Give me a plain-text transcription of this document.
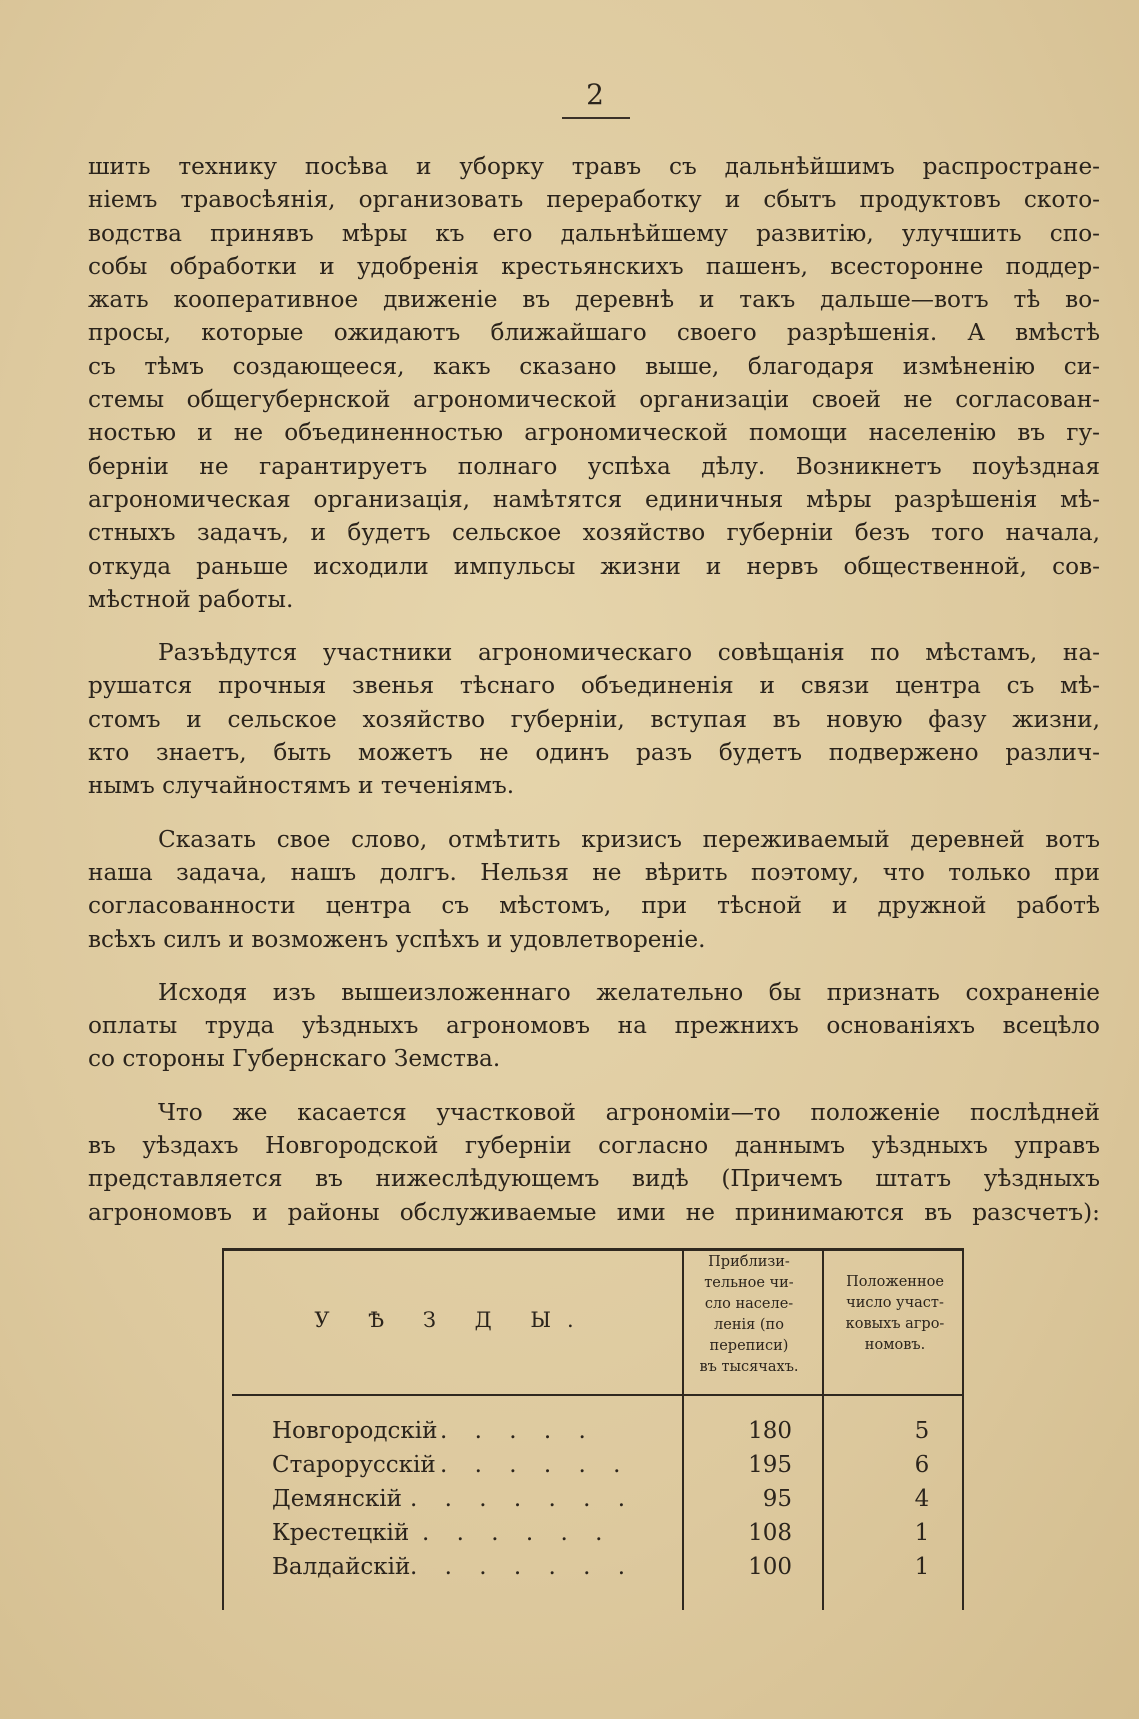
2
шить технику посѣва и уборку травъ съ дальнѣйшимъ распростране-
ніемъ травосѣянія, организовать переработку и сбытъ продуктовъ ското-
водства принявъ мѣры къ его дальнѣйшему развитію, улучшить спо-
собы обработки и удобренія крестьянскихъ пашенъ, всесторонне поддер-
жать кооперативное движеніе въ деревнѣ и такъ дальше—вотъ тѣ во-
просы, которые ожидаютъ ближайшаго своего разрѣшенія. А вмѣстѣ
съ тѣмъ создающееся, какъ сказано выше, благодаря измѣненію си-
стемы общегубернской агрономической организаціи своей не согласован-
ностью и не объединенностью агрономической помощи населенію въ гу-
берніи не гарантируетъ полнаго успѣха дѣлу. Возникнетъ поуѣздная
агрономическая организація, намѣтятся единичныя мѣры разрѣшенія мѣ-
стныхъ задачъ, и будетъ сельское хозяйство губерніи безъ того начала,
откуда раньше исходили импульсы жизни и нервъ общественной, сов-
мѣстной работы.
Разъѣдутся участники агрономическаго совѣщанія по мѣстамъ, на-
рушатся прочныя звенья тѣснаго объединенія и связи центра съ мѣ-
стомъ и сельское хозяйство губерніи, вступая въ новую фазу жизни,
кто знаетъ, быть можетъ не одинъ разъ будетъ подвержено различ-
нымъ случайностямъ и теченіямъ.
Сказать свое слово, отмѣтить кризисъ переживаемый деревней вотъ
наша задача, нашъ долгъ. Нельзя не вѣрить поэтому, что только при
согласованности центра съ мѣстомъ, при тѣсной и дружной работѣ
всѣхъ силъ и возможенъ успѣхъ и удовлетвореніе.
Исходя изъ вышеизложеннаго желательно бы признать сохраненіе
оплаты труда уѣздныхъ агрономовъ на прежнихъ основаніяхъ всецѣло
со стороны Губернскаго Земства.
Что же касается участковой агрономіи—то положеніе послѣдней
въ уѣздахъ Новгородской губерніи согласно даннымъ уѣздныхъ управъ
представляется въ нижеслѣдующемъ видѣ (Причемъ штатъ уѣздныхъ
агрономовъ и районы обслуживаемые ими не принимаются въ разсчетъ):
У Ѣ З Д Ы.
Приблизи-
тельное чи-
сло населе-
ленія (по
переписи)
въ тысячахъ.
Положенное
число участ-
ковыхъ агро-
номовъ.
Новгородскій . . . . .	180	5
Старорусскій . . . . . .	195	6
Демянскій . . . . . . .	95	4
Крестецкій . . . . . .	108	1
Валдайскій . . . . . . .	100	1
